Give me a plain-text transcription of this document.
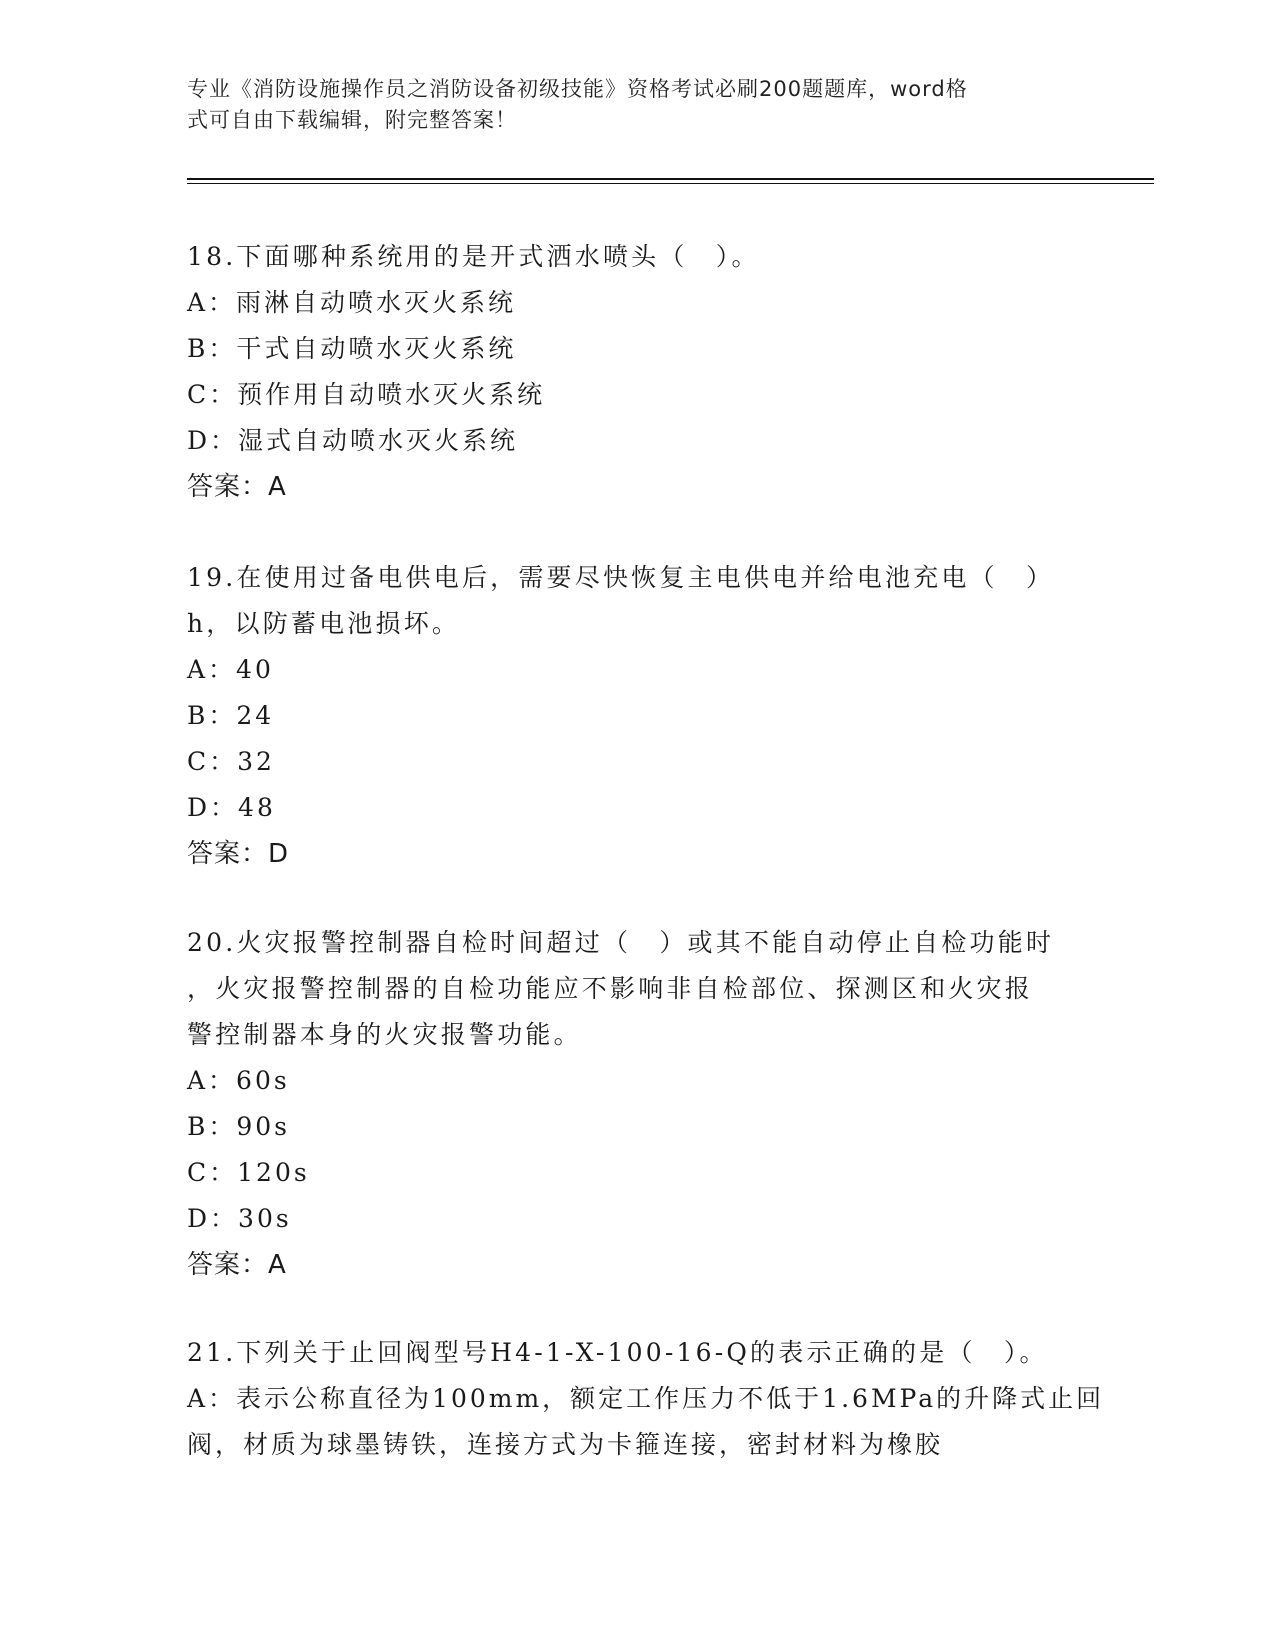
专业《消防设施操作员之消防设备初级技能》资格考试必刷200题题库，word格
式可自由下载编辑，附完整答案！
18.下面哪种系统用的是开式洒水喷头（　）。
A：雨淋自动喷水灭火系统
B：干式自动喷水灭火系统
C：预作用自动喷水灭火系统
D：湿式自动喷水灭火系统
答案：A
19.在使用过备电供电后，需要尽快恢复主电供电并给电池充电（　）
h，以防蓄电池损坏。
A：40
B：24
C：32
D：48
答案：D
20.火灾报警控制器自检时间超过（　）或其不能自动停止自检功能时
，火灾报警控制器的自检功能应不影响非自检部位、探测区和火灾报
警控制器本身的火灾报警功能。
A：60s
B：90s
C：120s
D：30s
答案：A
21.下列关于止回阀型号H4-1-X-100-16-Q的表示正确的是（　）。
A：表示公称直径为100mm，额定工作压力不低于1.6MPa的升降式止回
阀，材质为球墨铸铁，连接方式为卡箍连接，密封材料为橡胶
